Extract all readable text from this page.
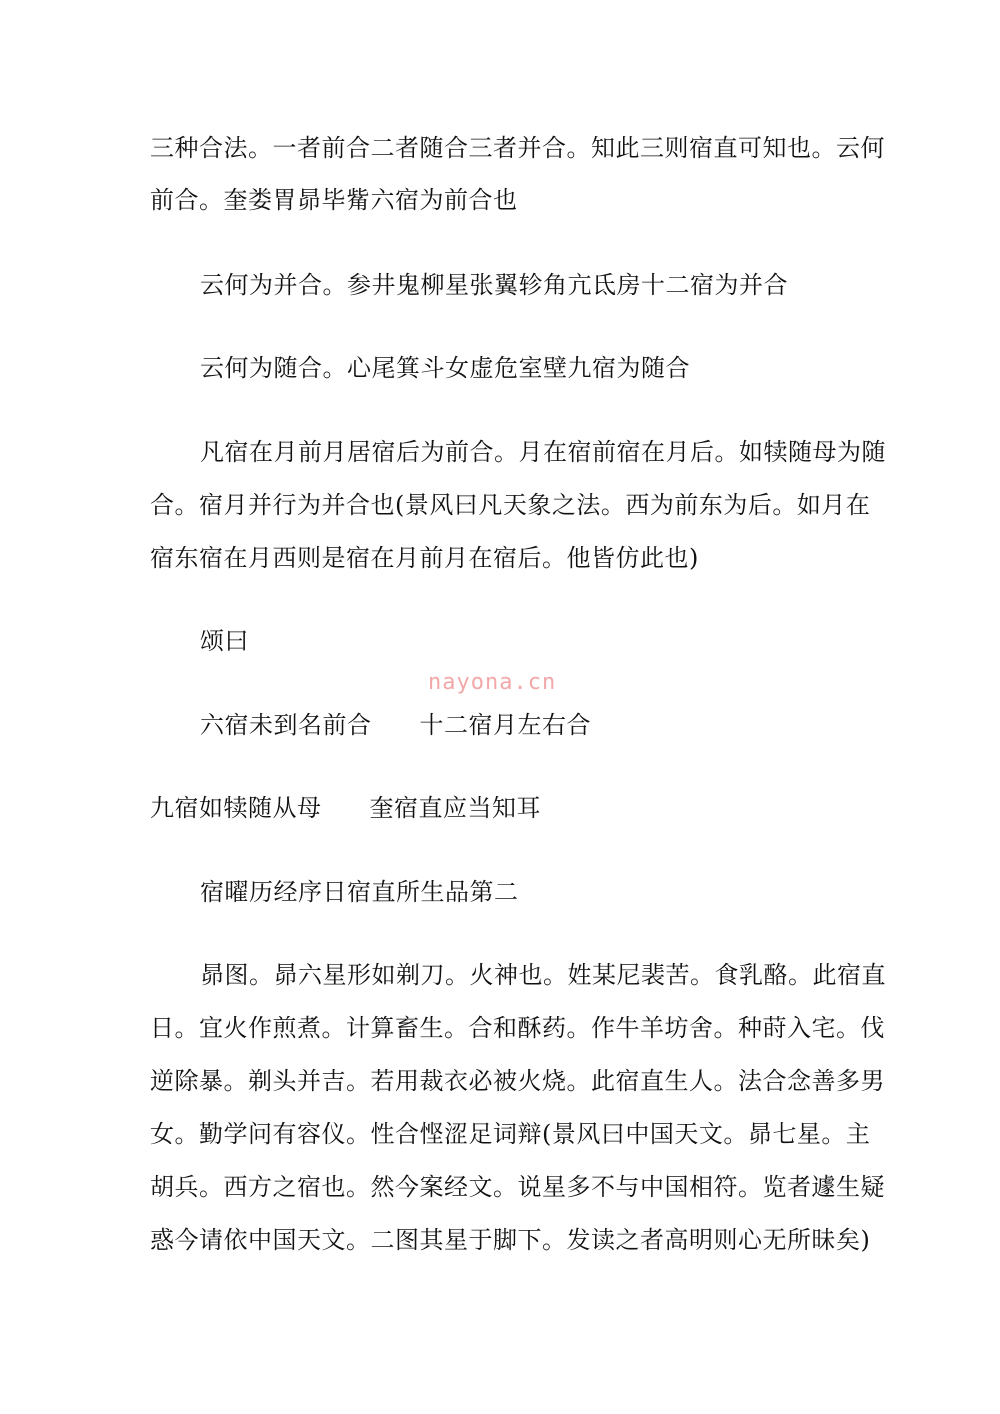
三种合法。一者前合二者随合三者并合。知此三则宿直可知也。云何
前合。奎娄胃昴毕觜六宿为前合也
云何为并合。参井鬼柳星张翼轸角亢氐房十二宿为并合
云何为随合。心尾箕斗女虚危室壁九宿为随合
凡宿在月前月居宿后为前合。月在宿前宿在月后。如犊随母为随
合。宿月并行为并合也(景风曰凡天象之法。西为前东为后。如月在
宿东宿在月西则是宿在月前月在宿后。他皆仿此也)
颂曰
nayona.cn
六宿未到名前合 十二宿月左右合
九宿如犊随从母 奎宿直应当知耳
宿曜历经序日宿直所生品第二
昴图。昴六星形如剃刀。火神也。姓某尼裴苦。食乳酪。此宿直
日。宜火作煎煮。计算畜生。合和酥药。作牛羊坊舍。种莳入宅。伐
逆除暴。剃头并吉。若用裁衣必被火烧。此宿直生人。法合念善多男
女。勤学问有容仪。性合悭涩足词辩(景风曰中国天文。昴七星。主
胡兵。西方之宿也。然今案经文。说星多不与中国相符。览者遽生疑
惑今请依中国天文。二图其星于脚下。发读之者高明则心无所昧矣)
